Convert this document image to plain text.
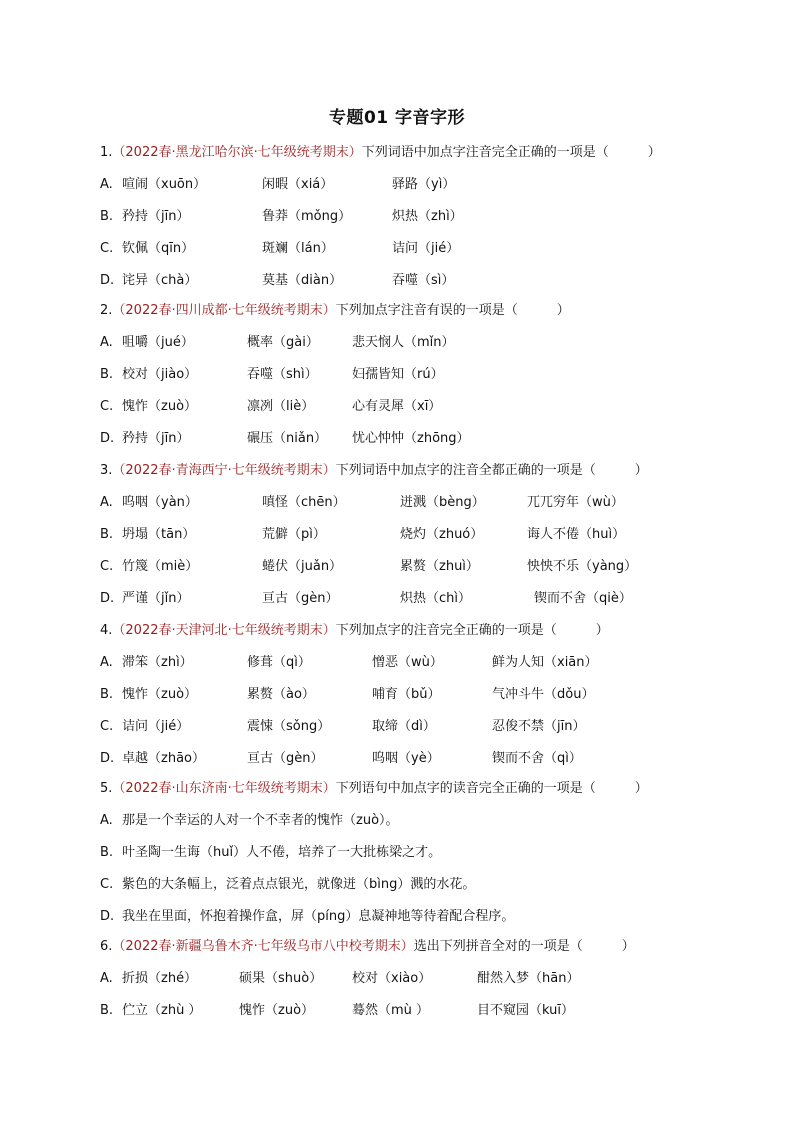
专题01 字音字形
1.（2022春·黑龙江哈尔滨·七年级统考期末）下列词语中加点字注音完全正确的一项是（　　　）
A. 喧闹（xuōn）	闲暇（xiá）	驿路（yì）
B. 矜持（jīn）	鲁莽（mǒng）	炽热（zhì）
C. 钦佩（qīn）	斑斓（lán）	诘问（jié）
D. 诧异（chà）	莫基（diàn）	吞噬（sì）
2.（2022春·四川成都·七年级统考期末）下列加点字注音有误的一项是（　　　）
A. 咀嚼（jué）	概率（gài）	悲天悯人（mǐn）
B. 校对（jiào）	吞噬（shì）	妇孺皆知（rú）
C. 愧怍（zuò）	凛冽（liè）	心有灵犀（xī）
D. 矜持（jīn）	碾压（niǎn） 忧心忡忡（zhōng）
3.（2022春·青海西宁·七年级统考期末）下列词语中加点字的注音全都正确的一项是（　　　）
A. 呜咽（yàn）	嗔怪（chēn）	迸溅（bèng）	兀兀穷年（wù）
B. 坍塌（tān）	荒僻（pì）	烧灼（zhuó）	诲人不倦（huì）
C. 竹篾（miè）	蜷伏（juǎn）	累赘（zhuì）	怏怏不乐（yàng）
D. 严谨（jǐn）	亘古（gèn）	炽热（chì）	锲而不舍（qiè）
4.（2022春·天津河北·七年级统考期末）下列加点字的注音完全正确的一项是（　　　）
A. 滞笨（zhì）	修葺（qì）	憎恶（wù）	鲜为人知（xiān）
B. 愧怍（zuò）	累赘（ào）	哺育（bǔ）	气冲斗牛（dǒu）
C. 诘问（jié）	震悚（sǒng）	取缔（dì）	忍俊不禁（jīn）
D. 卓越（zhāo）	亘古（gèn）	呜咽（yè）	锲而不舍（qì）
5.（2022春·山东济南·七年级统考期末）下列语句中加点字的读音完全正确的一项是（　　　）
A. 那是一个幸运的人对一个不幸者的愧怍（zuò）。
B. 叶圣陶一生诲（huǐ）人不倦，培养了一大批栋梁之才。
C. 紫色的大条幅上，泛着点点银光，就像迸（bìng）溅的水花。
D. 我坐在里面，怀抱着操作盒，屏（píng）息凝神地等待着配合程序。
6.（2022春·新疆乌鲁木齐·七年级乌市八中校考期末）选出下列拼音全对的一项是（　　　）
A. 折损（zhé）	硕果（shuò） 校对（xiào）	酣然入梦（hān）
B. 伫立（zhù ）	愧怍（zuò）	蓦然（mù ）	目不窥园（kuī）
